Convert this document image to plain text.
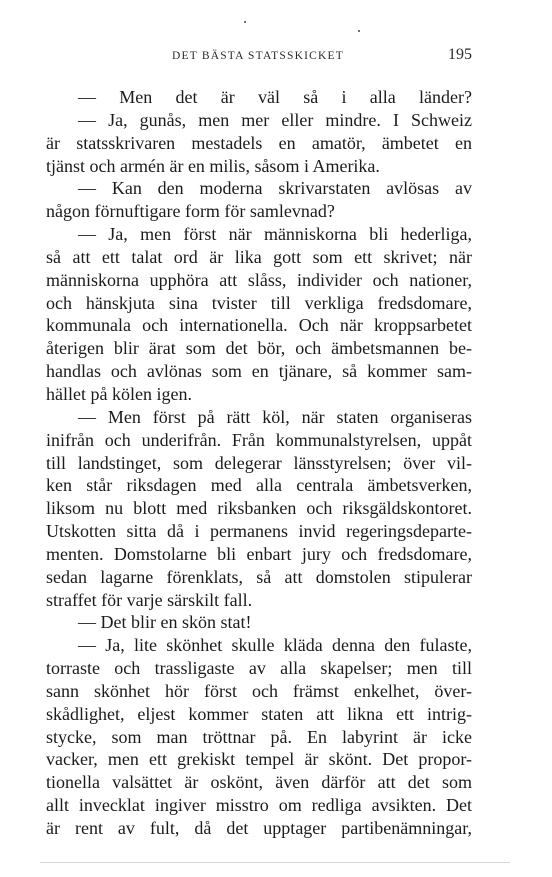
DET BÄSTA STATSSKICKET	195
— Men det är väl så i alla länder?
— Ja, gunås, men mer eller mindre. I Schweiz
är statsskrivaren mestadels en amatör, ämbetet en
tjänst och armén är en milis, såsom i Amerika.
— Kan den moderna skrivarstaten avlösas av
någon förnuftigare form för samlevnad?
— Ja, men först när människorna bli hederliga,
så att ett talat ord är lika gott som ett skrivet; när
människorna upphöra att slåss, individer och nationer,
och hänskjuta sina tvister till verkliga fredsdomare,
kommunala och internationella. Och när kroppsarbetet
återigen blir ärat som det bör, och ämbetsmannen be-
handlas och avlönas som en tjänare, så kommer sam-
hället på kölen igen.
— Men först på rätt köl, när staten organiseras
inifrån och underifrån. Från kommunalstyrelsen, uppåt
till landstinget, som delegerar länsstyrelsen; över vil-
ken står riksdagen med alla centrala ämbetsverken,
liksom nu blott med riksbanken och riksgäldskontoret.
Utskotten sitta då i permanens invid regeringsdeparte-
menten. Domstolarne bli enbart jury och fredsdomare,
sedan lagarne förenklats, så att domstolen stipulerar
straffet för varje särskilt fall.
— Det blir en skön stat!
— Ja, lite skönhet skulle kläda denna den fulaste,
torraste och trassligaste av alla skapelser; men till
sann skönhet hör först och främst enkelhet, över-
skådlighet, eljest kommer staten att likna ett intrig-
stycke, som man tröttnar på. En labyrint är icke
vacker, men ett grekiskt tempel är skönt. Det propor-
tionella valsättet är oskönt, även därför att det som
allt invecklat ingiver misstro om redliga avsikten. Det
är rent av fult, då det upptager partibenämningar,
